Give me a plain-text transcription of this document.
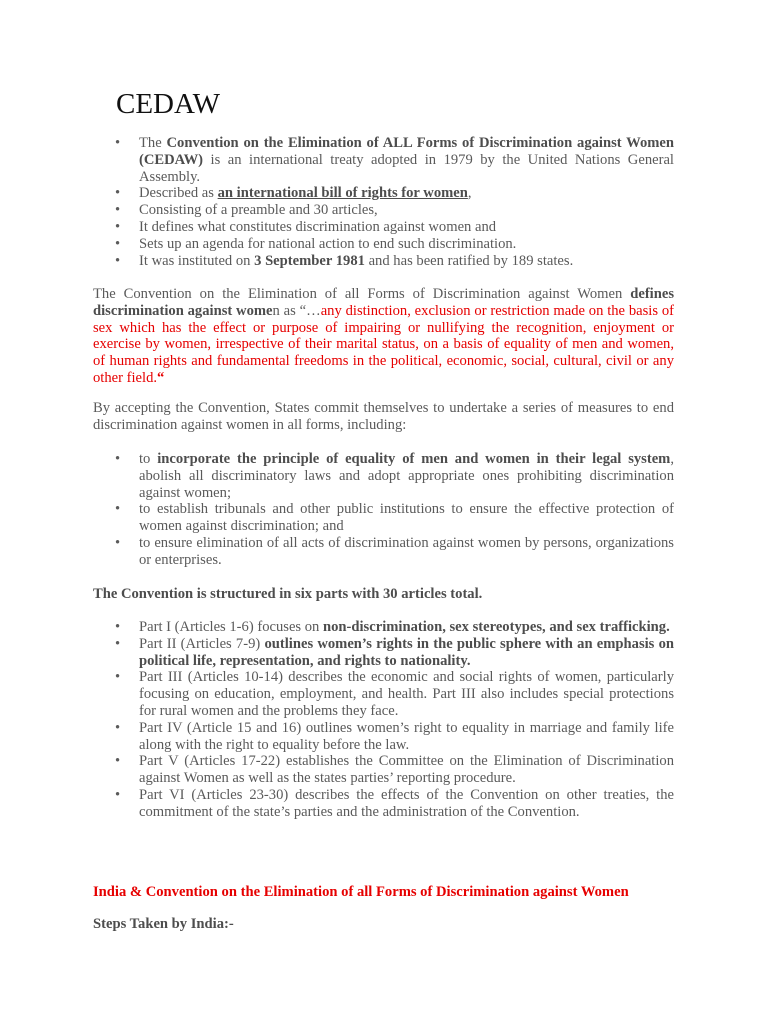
CEDAW
• The Convention on the Elimination of ALL Forms of Discrimination against Women (CEDAW) is an international treaty adopted in 1979 by the United Nations General Assembly.
• Described as an international bill of rights for women,
• Consisting of a preamble and 30 articles,
• It defines what constitutes discrimination against women and
• Sets up an agenda for national action to end such discrimination.
• It was instituted on 3 September 1981 and has been ratified by 189 states.

The Convention on the Elimination of all Forms of Discrimination against Women defines discrimination against women as “…any distinction, exclusion or restriction made on the basis of sex which has the effect or purpose of impairing or nullifying the recognition, enjoyment or exercise by women, irrespective of their marital status, on a basis of equality of men and women, of human rights and fundamental freedoms in the political, economic, social, cultural, civil or any other field.“

By accepting the Convention, States commit themselves to undertake a series of measures to end discrimination against women in all forms, including:

• to incorporate the principle of equality of men and women in their legal system, abolish all discriminatory laws and adopt appropriate ones prohibiting discrimination against women;
• to establish tribunals and other public institutions to ensure the effective protection of women against discrimination; and
• to ensure elimination of all acts of discrimination against women by persons, organizations or enterprises.

The Convention is structured in six parts with 30 articles total.

• Part I (Articles 1-6) focuses on non-discrimination, sex stereotypes, and sex trafficking.
• Part II (Articles 7-9) outlines women’s rights in the public sphere with an emphasis on political life, representation, and rights to nationality.
• Part III (Articles 10-14) describes the economic and social rights of women, particularly focusing on education, employment, and health. Part III also includes special protections for rural women and the problems they face.
• Part IV (Article 15 and 16) outlines women’s right to equality in marriage and family life along with the right to equality before the law.
• Part V (Articles 17-22) establishes the Committee on the Elimination of Discrimination against Women as well as the states parties’ reporting procedure.
• Part VI (Articles 23-30) describes the effects of the Convention on other treaties, the commitment of the state’s parties and the administration of the Convention.

India & Convention on the Elimination of all Forms of Discrimination against Women

Steps Taken by India:-
